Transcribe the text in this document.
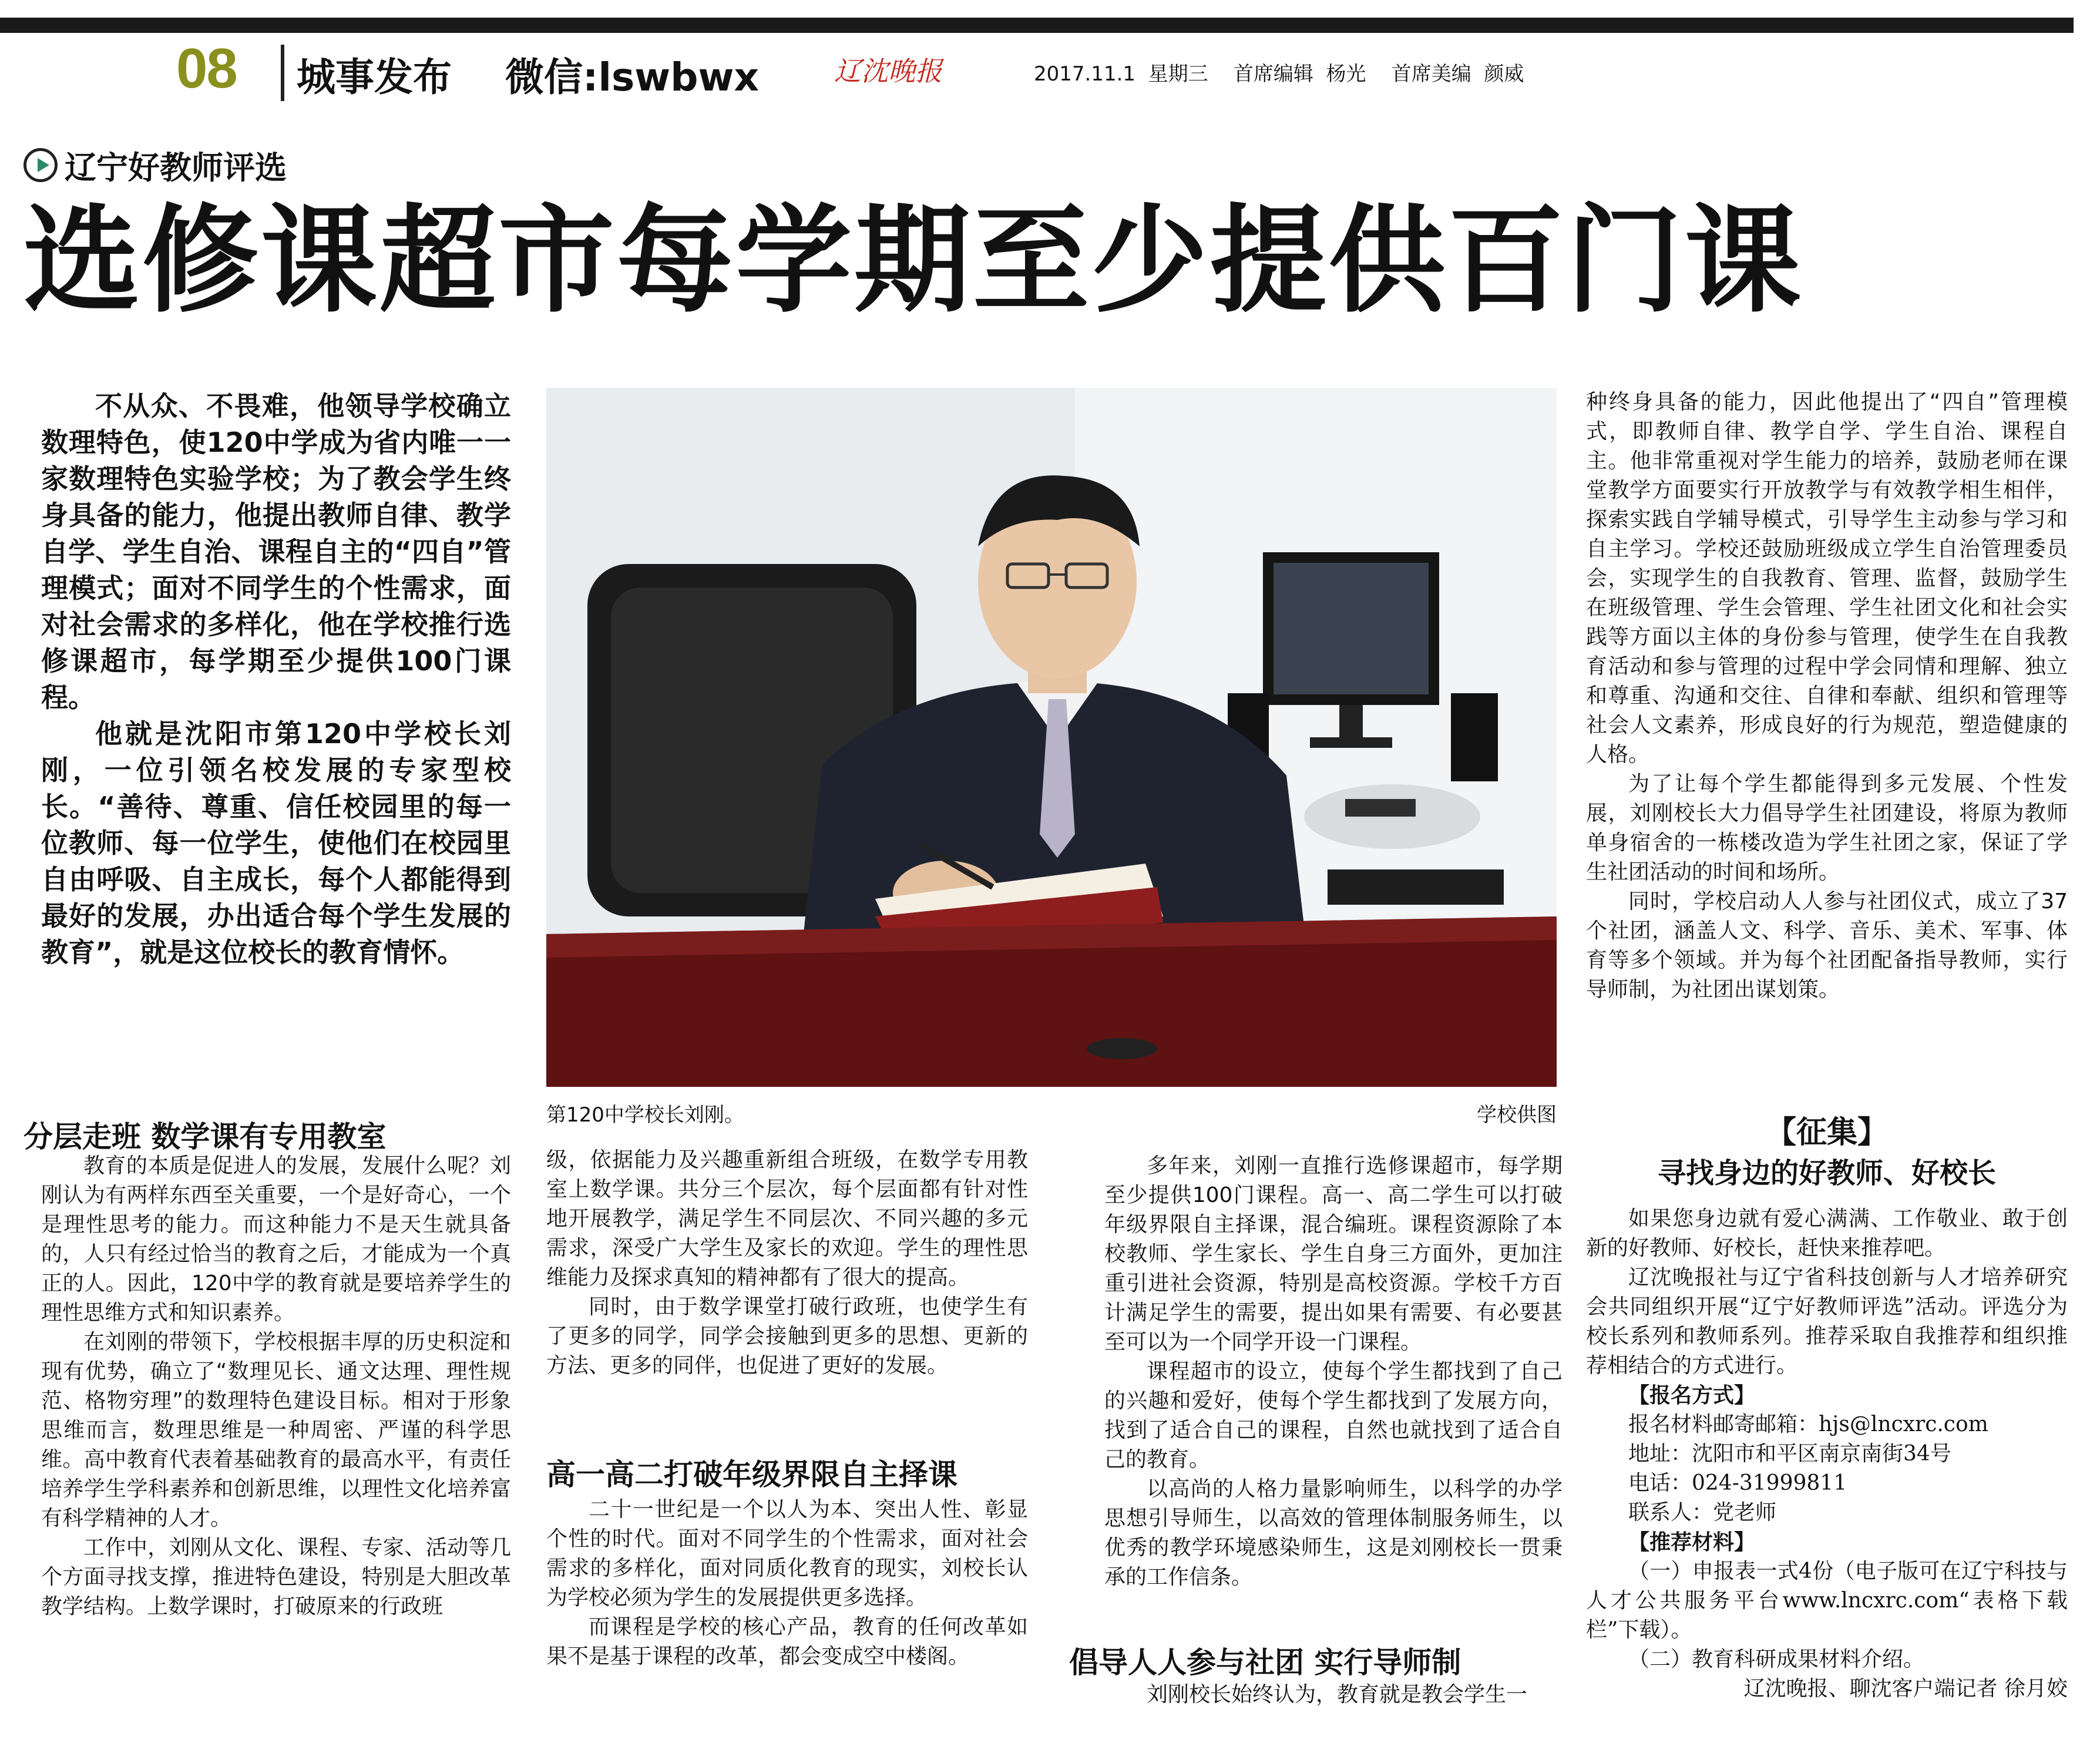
08 城事发布 微信:lswbwx	辽沈晚报	2017.11.1  星期三    首席编辑  杨光    首席美编  颜威
辽宁好教师评选
选修课超市每学期至少提供百门课

不从众、不畏难，他领导学校确立数理特色，使120中学成为省内唯一一家数理特色实验学校；为了教会学生终身具备的能力，他提出教师自律、教学自学、学生自治、课程自主的“四自”管理模式；面对不同学生的个性需求，面对社会需求的多样化，他在学校推行选修课超市，每学期至少提供100门课程。

他就是沈阳市第120中学校长刘刚，一位引领名校发展的专家型校长。“善待、尊重、信任校园里的每一位教师、每一位学生，使他们在校园里自由呼吸、自主成长，每个人都能得到最好的发展，办出适合每个学生发展的教育”，就是这位校长的教育情怀。

第120中学校长刘刚。	学校供图

种终身具备的能力，因此他提出了“四自”管理模式，即教师自律、教学自学、学生自治、课程自主。他非常重视对学生能力的培养，鼓励老师在课堂教学方面要实行开放教学与有效教学相生相伴，探索实践自学辅导模式，引导学生主动参与学习和自主学习。学校还鼓励班级成立学生自治管理委员会，实现学生的自我教育、管理、监督，鼓励学生在班级管理、学生会管理、学生社团文化和社会实践等方面以主体的身份参与管理，使学生在自我教育活动和参与管理的过程中学会同情和理解、独立和尊重、沟通和交往、自律和奉献、组织和管理等社会人文素养，形成良好的行为规范，塑造健康的人格。

为了让每个学生都能得到多元发展、个性发展，刘刚校长大力倡导学生社团建设，将原为教师单身宿舍的一栋楼改造为学生社团之家，保证了学生社团活动的时间和场所。

同时，学校启动人人参与社团仪式，成立了37个社团，涵盖人文、科学、音乐、美术、军事、体育等多个领域。并为每个社团配备指导教师，实行导师制，为社团出谋划策。

分层走班 数学课有专用教室

教育的本质是促进人的发展，发展什么呢？刘刚认为有两样东西至关重要，一个是好奇心，一个是理性思考的能力。而这种能力不是天生就具备的，人只有经过恰当的教育之后，才能成为一个真正的人。因此，120中学的教育就是要培养学生的理性思维方式和知识素养。

在刘刚的带领下，学校根据丰厚的历史积淀和现有优势，确立了“数理见长、通文达理、理性规范、格物穷理”的数理特色建设目标。相对于形象思维而言，数理思维是一种周密、严谨的科学思维。高中教育代表着基础教育的最高水平，有责任培养学生学科素养和创新思维，以理性文化培养富有科学精神的人才。

工作中，刘刚从文化、课程、专家、活动等几个方面寻找支撑，推进特色建设，特别是大胆改革教学结构。上数学课时，打破原来的行政班

级，依据能力及兴趣重新组合班级，在数学专用教室上数学课。共分三个层次，每个层面都有针对性地开展教学，满足学生不同层次、不同兴趣的多元需求，深受广大学生及家长的欢迎。学生的理性思维能力及探求真知的精神都有了很大的提高。

同时，由于数学课堂打破行政班，也使学生有了更多的同学，同学会接触到更多的思想、更新的方法、更多的同伴，也促进了更好的发展。

高一高二打破年级界限自主择课

二十一世纪是一个以人为本、突出人性、彰显个性的时代。面对不同学生的个性需求，面对社会需求的多样化，面对同质化教育的现实，刘校长认为学校必须为学生的发展提供更多选择。

而课程是学校的核心产品，教育的任何改革如果不是基于课程的改革，都会变成空中楼阁。

多年来，刘刚一直推行选修课超市，每学期至少提供100门课程。高一、高二学生可以打破年级界限自主择课，混合编班。课程资源除了本校教师、学生家长、学生自身三方面外，更加注重引进社会资源，特别是高校资源。学校千方百计满足学生的需要，提出如果有需要、有必要甚至可以为一个同学开设一门课程。

课程超市的设立，使每个学生都找到了自己的兴趣和爱好，使每个学生都找到了发展方向，找到了适合自己的课程，自然也就找到了适合自己的教育。

以高尚的人格力量影响师生，以科学的办学思想引导师生，以高效的管理体制服务师生，以优秀的教学环境感染师生，这是刘刚校长一贯秉承的工作信条。

倡导人人参与社团 实行导师制

刘刚校长始终认为，教育就是教会学生一

【征集】
寻找身边的好教师、好校长

如果您身边就有爱心满满、工作敬业、敢于创新的好教师、好校长，赶快来推荐吧。

辽沈晚报社与辽宁省科技创新与人才培养研究会共同组织开展“辽宁好教师评选”活动。评选分为校长系列和教师系列。推荐采取自我推荐和组织推荐相结合的方式进行。

【报名方式】

报名材料邮寄邮箱：hjs@lncxrc.com

地址：沈阳市和平区南京南街34号

电话：024-31999811

联系人：党老师

【推荐材料】

（一）申报表一式4份（电子版可在辽宁科技与人才公共服务平台www.lncxrc.com“表格下载栏”下载）。

（二）教育科研成果材料介绍。

辽沈晚报、聊沈客户端记者 徐月姣
